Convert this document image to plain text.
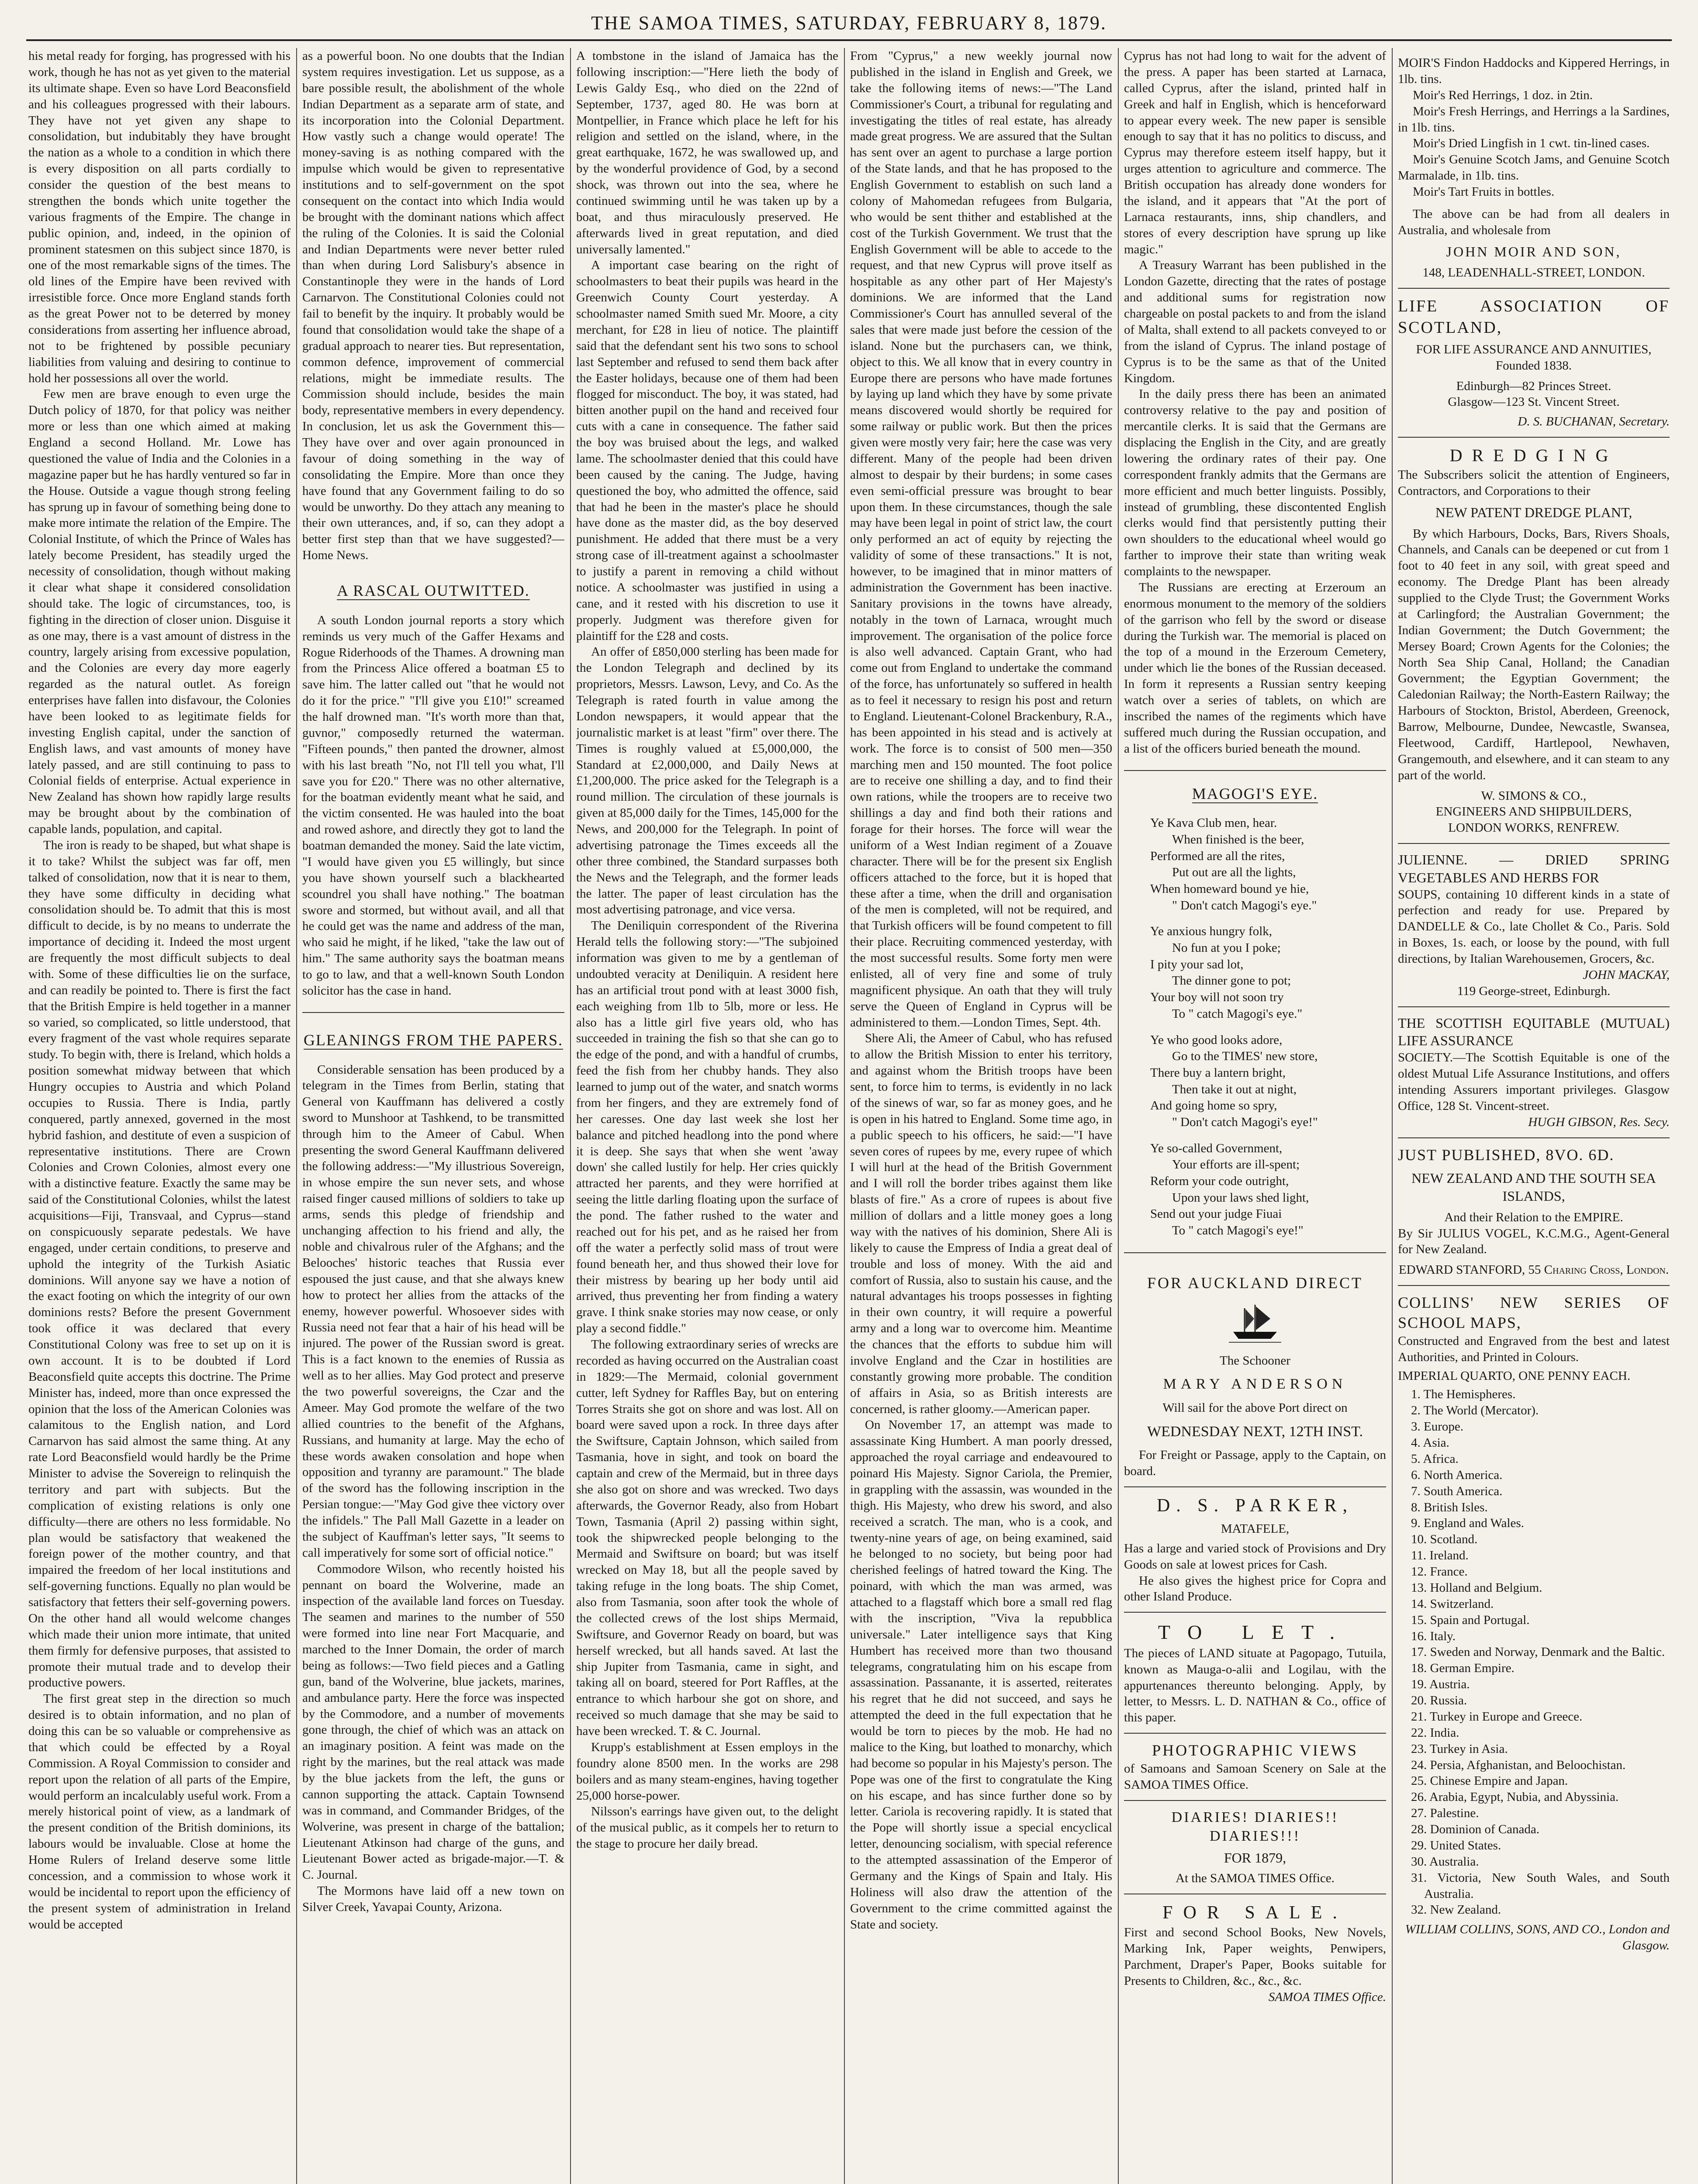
THE SAMOA TIMES, SATURDAY, FEBRUARY 8, 1879.

his metal ready for forging, has progressed with his work, though he has not as yet given to the material its ultimate shape. Even so have Lord Beaconsfield and his colleagues progressed with their labours. They have not yet given any shape to consolidation, but indubitably they have brought the nation as a whole to a condition in which there is every disposition on all parts cordially to consider the question of the best means to strengthen the bonds which unite together the various fragments of the Empire. The change in public opinion, and, indeed, in the opinion of prominent statesmen on this subject since 1870, is one of the most remarkable signs of the times. The old lines of the Empire have been revived with irresistible force. Once more England stands forth as the great Power not to be deterred by money considerations from asserting her influence abroad, not to be frightened by possible pecuniary liabilities from valuing and desiring to continue to hold her possessions all over the world.

Few men are brave enough to even urge the Dutch policy of 1870, for that policy was neither more or less than one which aimed at making England a second Holland. Mr. Lowe has questioned the value of India and the Colonies in a magazine paper but he has hardly ventured so far in the House. Outside a vague though strong feeling has sprung up in favour of something being done to make more intimate the relation of the Empire. The Colonial Institute, of which the Prince of Wales has lately become President, has steadily urged the necessity of consolidation, though without making it clear what shape it considered consolidation should take. The logic of circumstances, too, is fighting in the direction of closer union. Disguise it as one may, there is a vast amount of distress in the country, largely arising from excessive population, and the Colonies are every day more eagerly regarded as the natural outlet. As foreign enterprises have fallen into disfavour, the Colonies have been looked to as legitimate fields for investing English capital, under the sanction of English laws, and vast amounts of money have lately passed, and are still continuing to pass to Colonial fields of enterprise. Actual experience in New Zealand has shown how rapidly large results may be brought about by the combination of capable lands, population, and capital.

The iron is ready to be shaped, but what shape is it to take? Whilst the subject was far off, men talked of consolidation, now that it is near to them, they have some difficulty in deciding what consolidation should be. To admit that this is most difficult to decide, is by no means to underrate the importance of deciding it. Indeed the most urgent are frequently the most difficult subjects to deal with. Some of these difficulties lie on the surface, and can readily be pointed to. There is first the fact that the British Empire is held together in a manner so varied, so complicated, so little understood, that every fragment of the vast whole requires separate study. To begin with, there is Ireland, which holds a position somewhat midway between that which Hungry occupies to Austria and which Poland occupies to Russia. There is India, partly conquered, partly annexed, governed in the most hybrid fashion, and destitute of even a suspicion of representative institutions. There are Crown Colonies and Crown Colonies, almost every one with a distinctive feature. Exactly the same may be said of the Constitutional Colonies, whilst the latest acquisitions—Fiji, Transvaal, and Cyprus—stand on conspicuously separate pedestals. We have engaged, under certain conditions, to preserve and uphold the integrity of the Turkish Asiatic dominions. Will anyone say we have a notion of the exact footing on which the integrity of our own dominions rests? Before the present Government took office it was declared that every Constitutional Colony was free to set up on it is own account. It is to be doubted if Lord Beaconsfield quite accepts this doctrine. The Prime Minister has, indeed, more than once expressed the opinion that the loss of the American Colonies was calamitous to the English nation, and Lord Carnarvon has said almost the same thing. At any rate Lord Beaconsfield would hardly be the Prime Minister to advise the Sovereign to relinquish the territory and part with subjects. But the complication of existing relations is only one difficulty—there are others no less formidable. No plan would be satisfactory that weakened the foreign power of the mother country, and that impaired the freedom of her local institutions and self-governing functions. Equally no plan would be satisfactory that fetters their self-governing powers. On the other hand all would welcome changes which made their union more intimate, that united them firmly for defensive purposes, that assisted to promote their mutual trade and to develop their productive powers.

The first great step in the direction so much desired is to obtain information, and no plan of doing this can be so valuable or comprehensive as that which could be effected by a Royal Commission. A Royal Commission to consider and report upon the relation of all parts of the Empire, would perform an incalculably useful work. From a merely historical point of view, as a landmark of the present condition of the British dominions, its labours would be invaluable. Close at home the Home Rulers of Ireland deserve some little concession, and a commission to whose work it would be incidental to report upon the efficiency of the present system of administration in Ireland would be accepted

as a powerful boon. No one doubts that the Indian system requires investigation. Let us suppose, as a bare possible result, the abolishment of the whole Indian Department as a separate arm of state, and its incorporation into the Colonial Department. How vastly such a change would operate! The money-saving is as nothing compared with the impulse which would be given to representative institutions and to self-government on the spot consequent on the contact into which India would be brought with the dominant nations which affect the ruling of the Colonies. It is said the Colonial and Indian Departments were never better ruled than when during Lord Salisbury's absence in Constantinople they were in the hands of Lord Carnarvon. The Constitutional Colonies could not fail to benefit by the inquiry. It probably would be found that consolidation would take the shape of a gradual approach to nearer ties. But representation, common defence, improvement of commercial relations, might be immediate results. The Commission should include, besides the main body, representative members in every dependency. In conclusion, let us ask the Government this—They have over and over again pronounced in favour of doing something in the way of consolidating the Empire. More than once they have found that any Government failing to do so would be unworthy. Do they attach any meaning to their own utterances, and, if so, can they adopt a better first step than that we have suggested?—Home News.

A RASCAL OUTWITTED.

A south London journal reports a story which reminds us very much of the Gaffer Hexams and Rogue Riderhoods of the Thames. A drowning man from the Princess Alice offered a boatman £5 to save him. The latter called out "that he would not do it for the price." "I'll give you £10!" screamed the half drowned man. "It's worth more than that, guvnor," composedly returned the waterman. "Fifteen pounds," then panted the drowner, almost with his last breath "No, not I'll tell you what, I'll save you for £20." There was no other alternative, for the boatman evidently meant what he said, and the victim consented. He was hauled into the boat and rowed ashore, and directly they got to land the boatman demanded the money. Said the late victim, "I would have given you £5 willingly, but since you have shown yourself such a blackhearted scoundrel you shall have nothing." The boatman swore and stormed, but without avail, and all that he could get was the name and address of the man, who said he might, if he liked, "take the law out of him." The same authority says the boatman means to go to law, and that a well-known South London solicitor has the case in hand.

GLEANINGS FROM THE PAPERS.

Considerable sensation has been produced by a telegram in the Times from Berlin, stating that General von Kauffmann has delivered a costly sword to Munshoor at Tashkend, to be transmitted through him to the Ameer of Cabul. When presenting the sword General Kauffmann delivered the following address:—"My illustrious Sovereign, in whose empire the sun never sets, and whose raised finger caused millions of soldiers to take up arms, sends this pledge of friendship and unchanging affection to his friend and ally, the noble and chivalrous ruler of the Afghans; and the Belooches' historic teaches that Russia ever espoused the just cause, and that she always knew how to protect her allies from the attacks of the enemy, however powerful. Whosoever sides with Russia need not fear that a hair of his head will be injured. The power of the Russian sword is great. This is a fact known to the enemies of Russia as well as to her allies. May God protect and preserve the two powerful sovereigns, the Czar and the Ameer. May God promote the welfare of the two allied countries to the benefit of the Afghans, Russians, and humanity at large. May the echo of these words awaken consolation and hope when opposition and tyranny are paramount." The blade of the sword has the following inscription in the Persian tongue:—"May God give thee victory over the infidels." The Pall Mall Gazette in a leader on the subject of Kauffman's letter says, "It seems to call imperatively for some sort of official notice."

Commodore Wilson, who recently hoisted his pennant on board the Wolverine, made an inspection of the available land forces on Tuesday. The seamen and marines to the number of 550 were formed into line near Fort Macquarie, and marched to the Inner Domain, the order of march being as follows:—Two field pieces and a Gatling gun, band of the Wolverine, blue jackets, marines, and ambulance party. Here the force was inspected by the Commodore, and a number of movements gone through, the chief of which was an attack on an imaginary position. A feint was made on the right by the marines, but the real attack was made by the blue jackets from the left, the guns or cannon supporting the attack. Captain Townsend was in command, and Commander Bridges, of the Wolverine, was present in charge of the battalion; Lieutenant Atkinson had charge of the guns, and Lieutenant Bower acted as brigade-major.—T. & C. Journal.

The Mormons have laid off a new town on Silver Creek, Yavapai County, Arizona.

A tombstone in the island of Jamaica has the following inscription:—"Here lieth the body of Lewis Galdy Esq., who died on the 22nd of September, 1737, aged 80. He was born at Montpellier, in France which place he left for his religion and settled on the island, where, in the great earthquake, 1672, he was swallowed up, and by the wonderful providence of God, by a second shock, was thrown out into the sea, where he continued swimming until he was taken up by a boat, and thus miraculously preserved. He afterwards lived in great reputation, and died universally lamented."

A important case bearing on the right of schoolmasters to beat their pupils was heard in the Greenwich County Court yesterday. A schoolmaster named Smith sued Mr. Moore, a city merchant, for £28 in lieu of notice. The plaintiff said that the defendant sent his two sons to school last September and refused to send them back after the Easter holidays, because one of them had been flogged for misconduct. The boy, it was stated, had bitten another pupil on the hand and received four cuts with a cane in consequence. The father said the boy was bruised about the legs, and walked lame. The schoolmaster denied that this could have been caused by the caning. The Judge, having questioned the boy, who admitted the offence, said that had he been in the master's place he should have done as the master did, as the boy deserved punishment. He added that there must be a very strong case of ill-treatment against a schoolmaster to justify a parent in removing a child without notice. A schoolmaster was justified in using a cane, and it rested with his discretion to use it properly. Judgment was therefore given for plaintiff for the £28 and costs.

An offer of £850,000 sterling has been made for the London Telegraph and declined by its proprietors, Messrs. Lawson, Levy, and Co. As the Telegraph is rated fourth in value among the London newspapers, it would appear that the journalistic market is at least "firm" over there. The Times is roughly valued at £5,000,000, the Standard at £2,000,000, and Daily News at £1,200,000. The price asked for the Telegraph is a round million. The circulation of these journals is given at 85,000 daily for the Times, 145,000 for the News, and 200,000 for the Telegraph. In point of advertising patronage the Times exceeds all the other three combined, the Standard surpasses both the News and the Telegraph, and the former leads the latter. The paper of least circulation has the most advertising patronage, and vice versa.

The Deniliquin correspondent of the Riverina Herald tells the following story:—"The subjoined information was given to me by a gentleman of undoubted veracity at Deniliquin. A resident here has an artificial trout pond with at least 3000 fish, each weighing from 1lb to 5lb, more or less. He also has a little girl five years old, who has succeeded in training the fish so that she can go to the edge of the pond, and with a handful of crumbs, feed the fish from her chubby hands. They also learned to jump out of the water, and snatch worms from her fingers, and they are extremely fond of her caresses. One day last week she lost her balance and pitched headlong into the pond where it is deep. She says that when she went 'away down' she called lustily for help. Her cries quickly attracted her parents, and they were horrified at seeing the little darling floating upon the surface of the pond. The father rushed to the water and reached out for his pet, and as he raised her from off the water a perfectly solid mass of trout were found beneath her, and thus showed their love for their mistress by bearing up her body until aid arrived, thus preventing her from finding a watery grave. I think snake stories may now cease, or only play a second fiddle."

The following extraordinary series of wrecks are recorded as having occurred on the Australian coast in 1829:—The Mermaid, colonial government cutter, left Sydney for Raffles Bay, but on entering Torres Straits she got on shore and was lost. All on board were saved upon a rock. In three days after the Swiftsure, Captain Johnson, which sailed from Tasmania, hove in sight, and took on board the captain and crew of the Mermaid, but in three days she also got on shore and was wrecked. Two days afterwards, the Governor Ready, also from Hobart Town, Tasmania (April 2) passing within sight, took the shipwrecked people belonging to the Mermaid and Swiftsure on board; but was itself wrecked on May 18, but all the people saved by taking refuge in the long boats. The ship Comet, also from Tasmania, soon after took the whole of the collected crews of the lost ships Mermaid, Swiftsure, and Governor Ready on board, but was herself wrecked, but all hands saved. At last the ship Jupiter from Tasmania, came in sight, and taking all on board, steered for Port Raffles, at the entrance to which harbour she got on shore, and received so much damage that she may be said to have been wrecked. T. & C. Journal.

Krupp's establishment at Essen employs in the foundry alone 8500 men. In the works are 298 boilers and as many steam-engines, having together 25,000 horse-power.

Nilsson's earrings have given out, to the delight of the musical public, as it compels her to return to the stage to procure her daily bread.

From "Cyprus," a new weekly journal now published in the island in English and Greek, we take the following items of news:—"The Land Commissioner's Court, a tribunal for regulating and investigating the titles of real estate, has already made great progress. We are assured that the Sultan has sent over an agent to purchase a large portion of the State lands, and that he has proposed to the English Government to establish on such land a colony of Mahomedan refugees from Bulgaria, who would be sent thither and established at the cost of the Turkish Government. We trust that the English Government will be able to accede to the request, and that new Cyprus will prove itself as hospitable as any other part of Her Majesty's dominions. We are informed that the Land Commissioner's Court has annulled several of the sales that were made just before the cession of the island. None but the purchasers can, we think, object to this. We all know that in every country in Europe there are persons who have made fortunes by laying up land which they have by some private means discovered would shortly be required for some railway or public work. But then the prices given were mostly very fair; here the case was very different. Many of the people had been driven almost to despair by their burdens; in some cases even semi-official pressure was brought to bear upon them. In these circumstances, though the sale may have been legal in point of strict law, the court only performed an act of equity by rejecting the validity of some of these transactions." It is not, however, to be imagined that in minor matters of administration the Government has been inactive. Sanitary provisions in the towns have already, notably in the town of Larnaca, wrought much improvement. The organisation of the police force is also well advanced. Captain Grant, who had come out from England to undertake the command of the force, has unfortunately so suffered in health as to feel it necessary to resign his post and return to England. Lieutenant-Colonel Brackenbury, R.A., has been appointed in his stead and is actively at work. The force is to consist of 500 men—350 marching men and 150 mounted. The foot police are to receive one shilling a day, and to find their own rations, while the troopers are to receive two shillings a day and find both their rations and forage for their horses. The force will wear the uniform of a West Indian regiment of a Zouave character. There will be for the present six English officers attached to the force, but it is hoped that these after a time, when the drill and organisation of the men is completed, will not be required, and that Turkish officers will be found competent to fill their place. Recruiting commenced yesterday, with the most successful results. Some forty men were enlisted, all of very fine and some of truly magnificent physique. An oath that they will truly serve the Queen of England in Cyprus will be administered to them.—London Times, Sept. 4th.

Shere Ali, the Ameer of Cabul, who has refused to allow the British Mission to enter his territory, and against whom the British troops have been sent, to force him to terms, is evidently in no lack of the sinews of war, so far as money goes, and he is open in his hatred to England. Some time ago, in a public speech to his officers, he said:—"I have seven cores of rupees by me, every rupee of which I will hurl at the head of the British Government and I will roll the border tribes against them like blasts of fire." As a crore of rupees is about five million of dollars and a little money goes a long way with the natives of his dominion, Shere Ali is likely to cause the Empress of India a great deal of trouble and loss of money. With the aid and comfort of Russia, also to sustain his cause, and the natural advantages his troops possesses in fighting in their own country, it will require a powerful army and a long war to overcome him. Meantime the chances that the efforts to subdue him will involve England and the Czar in hostilities are constantly growing more probable. The condition of affairs in Asia, so as British interests are concerned, is rather gloomy.—American paper.

On November 17, an attempt was made to assassinate King Humbert. A man poorly dressed, approached the royal carriage and endeavoured to poinard His Majesty. Signor Cariola, the Premier, in grappling with the assassin, was wounded in the thigh. His Majesty, who drew his sword, and also received a scratch. The man, who is a cook, and twenty-nine years of age, on being examined, said he belonged to no society, but being poor had cherished feelings of hatred toward the King. The poinard, with which the man was armed, was attached to a flagstaff which bore a small red flag with the inscription, "Viva la repubblica universale." Later intelligence says that King Humbert has received more than two thousand telegrams, congratulating him on his escape from assassination. Passanante, it is asserted, reiterates his regret that he did not succeed, and says he attempted the deed in the full expectation that he would be torn to pieces by the mob. He had no malice to the King, but loathed to monarchy, which had become so popular in his Majesty's person. The Pope was one of the first to congratulate the King on his escape, and has since further done so by letter. Cariola is recovering rapidly. It is stated that the Pope will shortly issue a special encyclical letter, denouncing socialism, with special reference to the attempted assassination of the Emperor of Germany and the Kings of Spain and Italy. His Holiness will also draw the attention of the Government to the crime committed against the State and society.

Cyprus has not had long to wait for the advent of the press. A paper has been started at Larnaca, called Cyprus, after the island, printed half in Greek and half in English, which is henceforward to appear every week. The new paper is sensible enough to say that it has no politics to discuss, and Cyprus may therefore esteem itself happy, but it urges attention to agriculture and commerce. The British occupation has already done wonders for the island, and it appears that "At the port of Larnaca restaurants, inns, ship chandlers, and stores of every description have sprung up like magic."

A Treasury Warrant has been published in the London Gazette, directing that the rates of postage and additional sums for registration now chargeable on postal packets to and from the island of Malta, shall extend to all packets conveyed to or from the island of Cyprus. The inland postage of Cyprus is to be the same as that of the United Kingdom.

In the daily press there has been an animated controversy relative to the pay and position of mercantile clerks. It is said that the Germans are displacing the English in the City, and are greatly lowering the ordinary rates of their pay. One correspondent frankly admits that the Germans are more efficient and much better linguists. Possibly, instead of grumbling, these discontented English clerks would find that persistently putting their own shoulders to the educational wheel would go farther to improve their state than writing weak complaints to the newspaper.

The Russians are erecting at Erzeroum an enormous monument to the memory of the soldiers of the garrison who fell by the sword or disease during the Turkish war. The memorial is placed on the top of a mound in the Erzeroum Cemetery, under which lie the bones of the Russian deceased. In form it represents a Russian sentry keeping watch over a series of tablets, on which are inscribed the names of the regiments which have suffered much during the Russian occupation, and a list of the officers buried beneath the mound.

MAGOGI'S EYE.
Ye Kava Club men, hear.
When finished is the beer,
Performed are all the rites,
Put out are all the lights,
When homeward bound ye hie,
" Don't catch Magogi's eye."
Ye anxious hungry folk,
No fun at you I poke;
I pity your sad lot,
The dinner gone to pot;
Your boy will not soon try
To " catch Magogi's eye."
Ye who good looks adore,
Go to the TIMES' new store,
There buy a lantern bright,
Then take it out at night,
And going home so spry,
" Don't catch Magogi's eye!"
Ye so-called Government,
Your efforts are ill-spent;
Reform your code outright,
Upon your laws shed light,
Send out your judge Fiuai
To " catch Magogi's eye!"
FOR AUCKLAND DIRECT
The Schooner
MARY ANDERSON
Will sail for the above Port direct on
WEDNESDAY NEXT, 12TH INST.

For Freight or Passage, apply to the Captain, on board.

D. S. PARKER,
MATAFELE,

Has a large and varied stock of Provisions and Dry Goods on sale at lowest prices for Cash.

He also gives the highest price for Copra and other Island Produce.

TO LET.

The pieces of LAND situate at Pagopago, Tutuila, known as Mauga-o-alii and Logilau, with the appurtenances thereunto belonging. Apply, by letter, to Messrs. L. D. NATHAN & Co., office of this paper.

PHOTOGRAPHIC VIEWS

of Samoans and Samoan Scenery on Sale at the SAMOA TIMES Office.

DIARIES! DIARIES!! DIARIES!!!
FOR 1879,
At the SAMOA TIMES Office.
FOR SALE.

First and second School Books, New Novels, Marking Ink, Paper weights, Penwipers, Parchment, Draper's Paper, Books suitable for Presents to Children, &c., &c., &c.

SAMOA TIMES Office.

MOIR'S Findon Haddocks and Kippered Herrings, in 1lb. tins.

Moir's Red Herrings, 1 doz. in 2tin.

Moir's Fresh Herrings, and Herrings a la Sardines, in 1lb. tins.

Moir's Dried Lingfish in 1 cwt. tin-lined cases.

Moir's Genuine Scotch Jams, and Genuine Scotch Marmalade, in 1lb. tins.

Moir's Tart Fruits in bottles.

The above can be had from all dealers in Australia, and wholesale from

JOHN MOIR AND SON,
148, LEADENHALL-STREET, LONDON.
LIFE ASSOCIATION OF SCOTLAND,
FOR LIFE ASSURANCE AND ANNUITIES,
Founded 1838.
Edinburgh—82 Princes Street.
Glasgow—123 St. Vincent Street.
D. S. BUCHANAN, Secretary.
DREDGING

The Subscribers solicit the attention of Engineers, Contractors, and Corporations to their

NEW PATENT DREDGE PLANT,

By which Harbours, Docks, Bars, Rivers Shoals, Channels, and Canals can be deepened or cut from 1 foot to 40 feet in any soil, with great speed and economy. The Dredge Plant has been already supplied to the Clyde Trust; the Government Works at Carlingford; the Australian Government; the Indian Government; the Dutch Government; the Mersey Board; Crown Agents for the Colonies; the North Sea Ship Canal, Holland; the Canadian Government; the Egyptian Government; the Caledonian Railway; the North-Eastern Railway; the Harbours of Stockton, Bristol, Aberdeen, Greenock, Barrow, Melbourne, Dundee, Newcastle, Swansea, Fleetwood, Cardiff, Hartlepool, Newhaven, Grangemouth, and elsewhere, and it can steam to any part of the world.

W. SIMONS & CO.,
ENGINEERS AND SHIPBUILDERS,
LONDON WORKS, RENFREW.
JULIENNE. — DRIED SPRING VEGETABLES AND HERBS FOR

SOUPS, containing 10 different kinds in a state of perfection and ready for use. Prepared by DANDELLE & Co., late Chollet & Co., Paris. Sold in Boxes, 1s. each, or loose by the pound, with full directions, by Italian Warehousemen, Grocers, &c.

JOHN MACKAY,
119 George-street, Edinburgh.
THE SCOTTISH EQUITABLE (MUTUAL) LIFE ASSURANCE

SOCIETY.—The Scottish Equitable is one of the oldest Mutual Life Assurance Institutions, and offers intending Assurers important privileges. Glasgow Office, 128 St. Vincent-street.

HUGH GIBSON, Res. Secy.
JUST PUBLISHED, 8VO. 6D.
NEW ZEALAND AND THE SOUTH SEA ISLANDS,
And their Relation to the EMPIRE.

By Sir JULIUS VOGEL, K.C.M.G., Agent-General for New Zealand.

EDWARD STANFORD, 55 Charing Cross, London.
COLLINS' NEW SERIES OF SCHOOL MAPS,

Constructed and Engraved from the best and latest Authorities, and Printed in Colours.

IMPERIAL QUARTO, ONE PENNY EACH.
1. The Hemispheres.
2. The World (Mercator).
3. Europe.
4. Asia.
5. Africa.
6. North America.
7. South America.
8. British Isles.
9. England and Wales.
10. Scotland.
11. Ireland.
12. France.
13. Holland and Belgium.
14. Switzerland.
15. Spain and Portugal.
16. Italy.
17. Sweden and Norway, Denmark and the Baltic.
18. German Empire.
19. Austria.
20. Russia.
21. Turkey in Europe and Greece.
22. India.
23. Turkey in Asia.
24. Persia, Afghanistan, and Beloochistan.
25. Chinese Empire and Japan.
26. Arabia, Egypt, Nubia, and Abyssinia.
27. Palestine.
28. Dominion of Canada.
29. United States.
30. Australia.
31. Victoria, New South Wales, and South Australia.
32. New Zealand.
WILLIAM COLLINS, SONS, AND CO., London and Glasgow.
